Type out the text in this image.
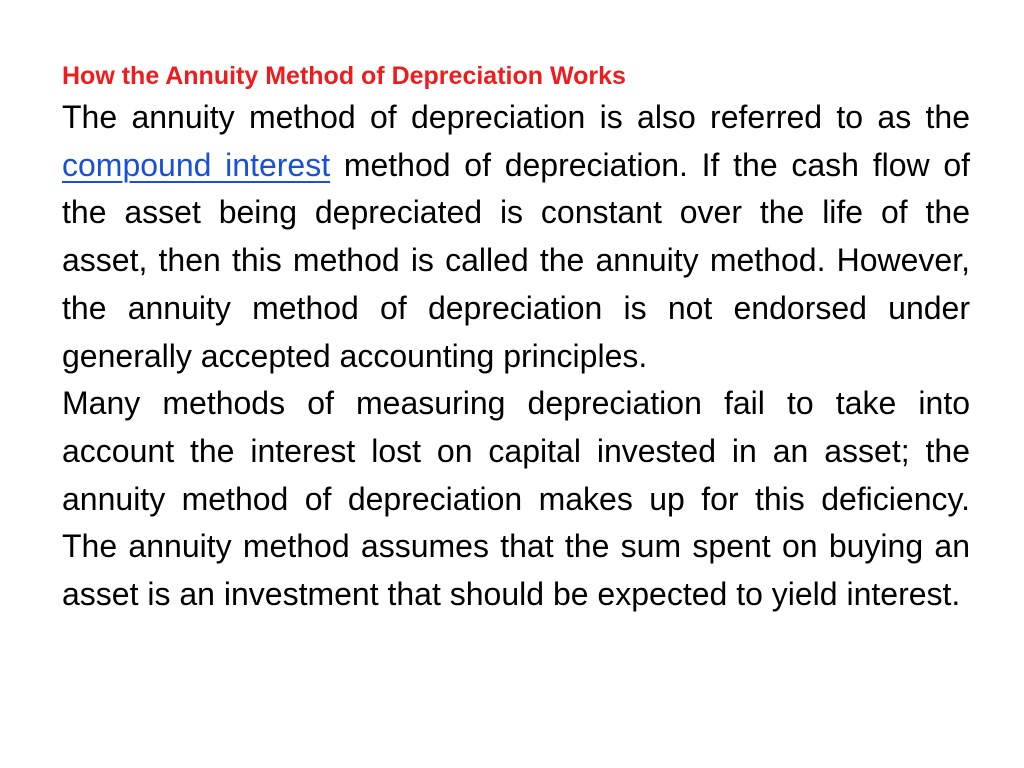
How the Annuity Method of Depreciation Works

The annuity method of depreciation is also referred to as the compound interest method of depreciation. If the cash flow of the asset being depreciated is constant over the life of the asset, then this method is called the annuity method. However, the annuity method of depreciation is not endorsed under generally accepted accounting principles.

Many methods of measuring depreciation fail to take into account the interest lost on capital invested in an asset; the annuity method of depreciation makes up for this deficiency. The annuity method assumes that the sum spent on buying an asset is an investment that should be expected to yield interest.
